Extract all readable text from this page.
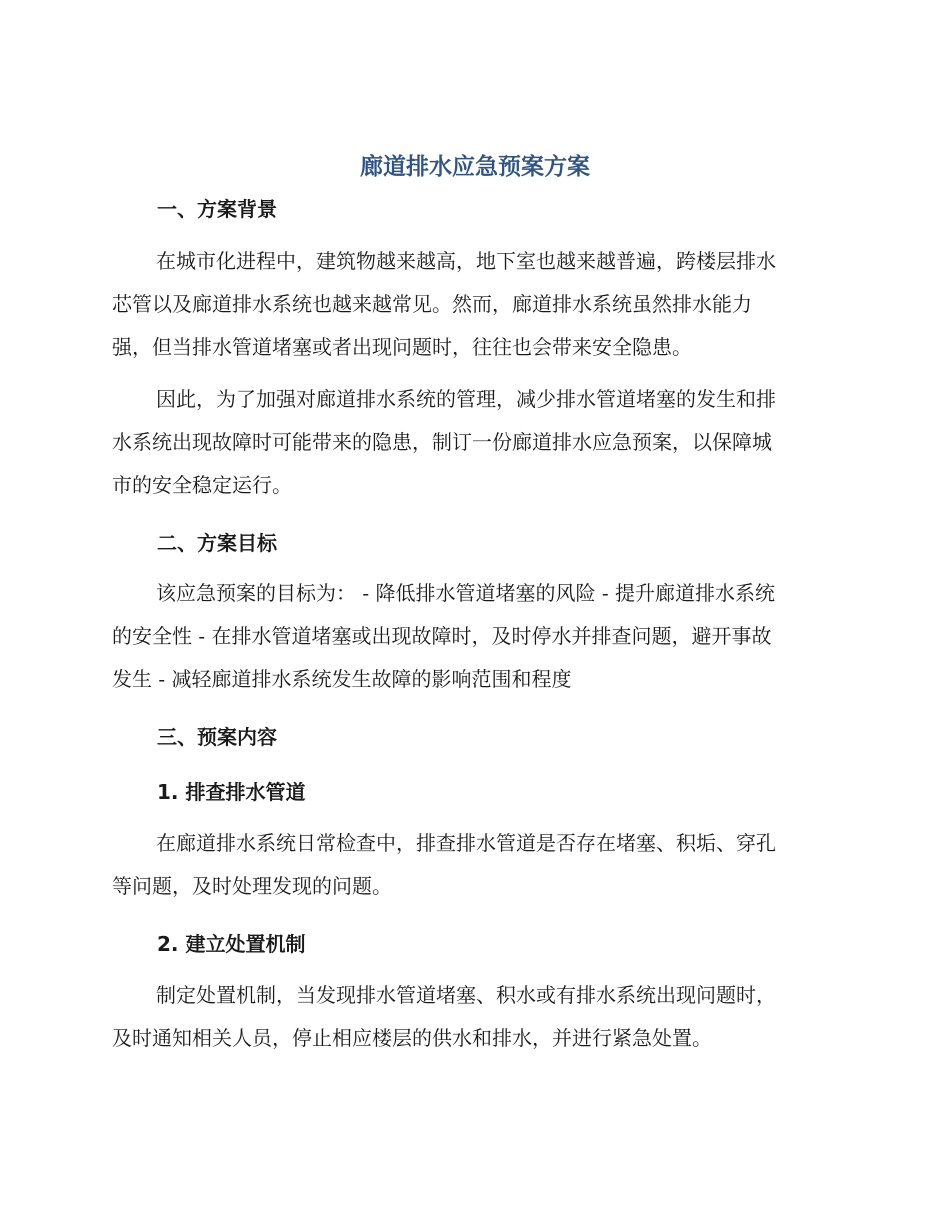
廊道排水应急预案方案
一、方案背景

在城市化进程中，建筑物越来越高，地下室也越来越普遍，跨楼层排水
芯管以及廊道排水系统也越来越常见。然而，廊道排水系统虽然排水能力
强，但当排水管道堵塞或者出现问题时，往往也会带来安全隐患。

因此，为了加强对廊道排水系统的管理，减少排水管道堵塞的发生和排
水系统出现故障时可能带来的隐患，制订一份廊道排水应急预案，以保障城
市的安全稳定运行。

二、方案目标

该应急预案的目标为： - 降低排水管道堵塞的风险 - 提升廊道排水系统
的安全性 - 在排水管道堵塞或出现故障时，及时停水并排查问题，避开事故
发生 - 减轻廊道排水系统发生故障的影响范围和程度

三、预案内容
1. 排查排水管道

在廊道排水系统日常检查中，排查排水管道是否存在堵塞、积垢、穿孔
等问题，及时处理发现的问题。

2. 建立处置机制

制定处置机制，当发现排水管道堵塞、积水或有排水系统出现问题时，
及时通知相关人员，停止相应楼层的供水和排水，并进行紧急处置。
